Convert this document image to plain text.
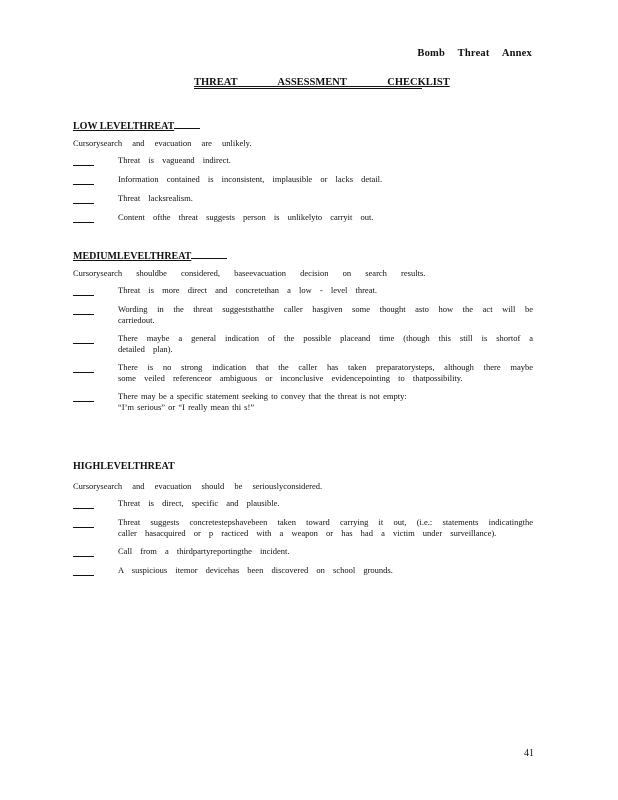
Bomb Threat Annex
THREAT ASSESSMENT CHECKLIST
LOW LEVELTHREAT
Cursorysearch and evacuation are unlikely.
Threat is vagueand indirect.
Information contained is inconsistent, implausible or lacks detail.
Threat lacksrealism.
Content ofthe threat suggests person is unlikelyto carryit out.
MEDIUMLEVELTHREAT
Cursorysearch shouldbe considered, baseevacuation decision on search results.
Threat is more direct and concretethan a low - level threat.
Wording in the threat suggeststhatthe caller hasgiven some thought asto how the act will be carriedout.
There maybe a general indication of the possible placeand time (though this still is shortof a detailed plan).
There is no strong indication that the caller has taken preparatorysteps, although there maybe some veiled referenceor ambiguous or inconclusive evidencepointing to thatpossibility.
There may be a specific statement seeking to convey that the threat is not empty: “I’m serious” or “I really mean thi s!”
HIGHLEVELTHREAT
Cursorysearch and evacuation should be seriouslyconsidered.
Threat is direct, specific and plausible.
Threat suggests concretestepshavebeen taken toward carrying it out, (i.e.: statements indicatingthe caller hasacquired or p racticed with a weapon or has had a victim under surveillance).
Call from a thirdpartyreportingthe incident.
A suspicious itemor devicehas been discovered on school grounds.
41
